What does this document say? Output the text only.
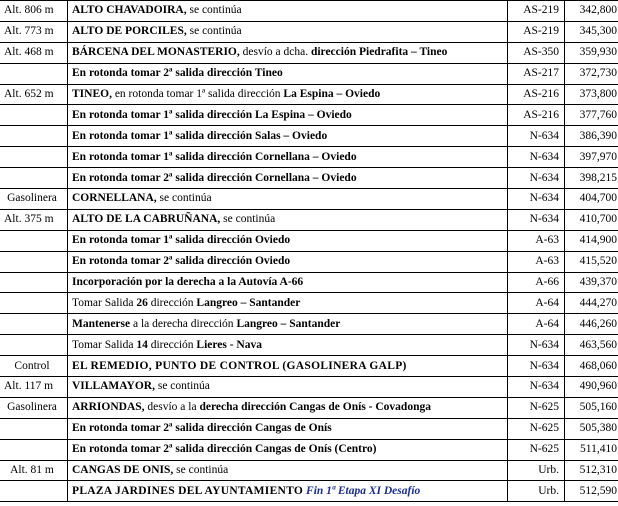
Alt. 806 m	ALTO CHAVADOIRA, se continúa	AS-219	342,800
Alt. 773 m	ALTO DE PORCILES, se continúa	AS-219	345,300
Alt. 468 m	BÁRCENA DEL MONASTERIO, desvío a dcha. dirección Piedrafita – Tineo	AS-350	359,930
	En rotonda tomar 2ª salida dirección Tineo	AS-217	372,730
Alt. 652 m	TINEO, en rotonda tomar 1ª salida dirección La Espina – Oviedo	AS-216	373,800
	En rotonda tomar 1ª salida dirección La Espina – Oviedo	AS-216	377,760
	En rotonda tomar 1ª salida dirección Salas – Oviedo	N-634	386,390
	En rotonda tomar 1ª salida dirección Cornellana – Oviedo	N-634	397,970
	En rotonda tomar 2ª salida dirección Cornellana – Oviedo	N-634	398,215
Gasolinera	CORNELLANA, se continúa	N-634	404,700
Alt. 375 m	ALTO DE LA CABRUÑANA, se continúa	N-634	410,700
	En rotonda tomar 1ª salida dirección Oviedo	A-63	414,900
	En rotonda tomar 2ª salida dirección Oviedo	A-63	415,520
	Incorporación por la derecha a la Autovía A-66	A-66	439,370
	Tomar Salida 26 dirección Langreo – Santander	A-64	444,270
	Mantenerse a la derecha dirección Langreo – Santander	A-64	446,260
	Tomar Salida 14 dirección Lieres - Nava	N-634	463,560
Control	EL REMEDIO, PUNTO DE CONTROL (GASOLINERA GALP)	N-634	468,060
Alt. 117 m	VILLAMAYOR, se continúa	N-634	490,960
Gasolinera	ARRIONDAS, desvío a la derecha dirección Cangas de Onís - Covadonga	N-625	505,160
	En rotonda tomar 2ª salida dirección Cangas de Onís	N-625	505,380
	En rotonda tomar 2ª salida dirección Cangas de Onís (Centro)	N-625	511,410
Alt. 81 m	CANGAS DE ONIS, se continúa	Urb.	512,310
	PLAZA JARDINES DEL AYUNTAMIENTO Fin 1ª Etapa XI Desafío	Urb.	512,590
